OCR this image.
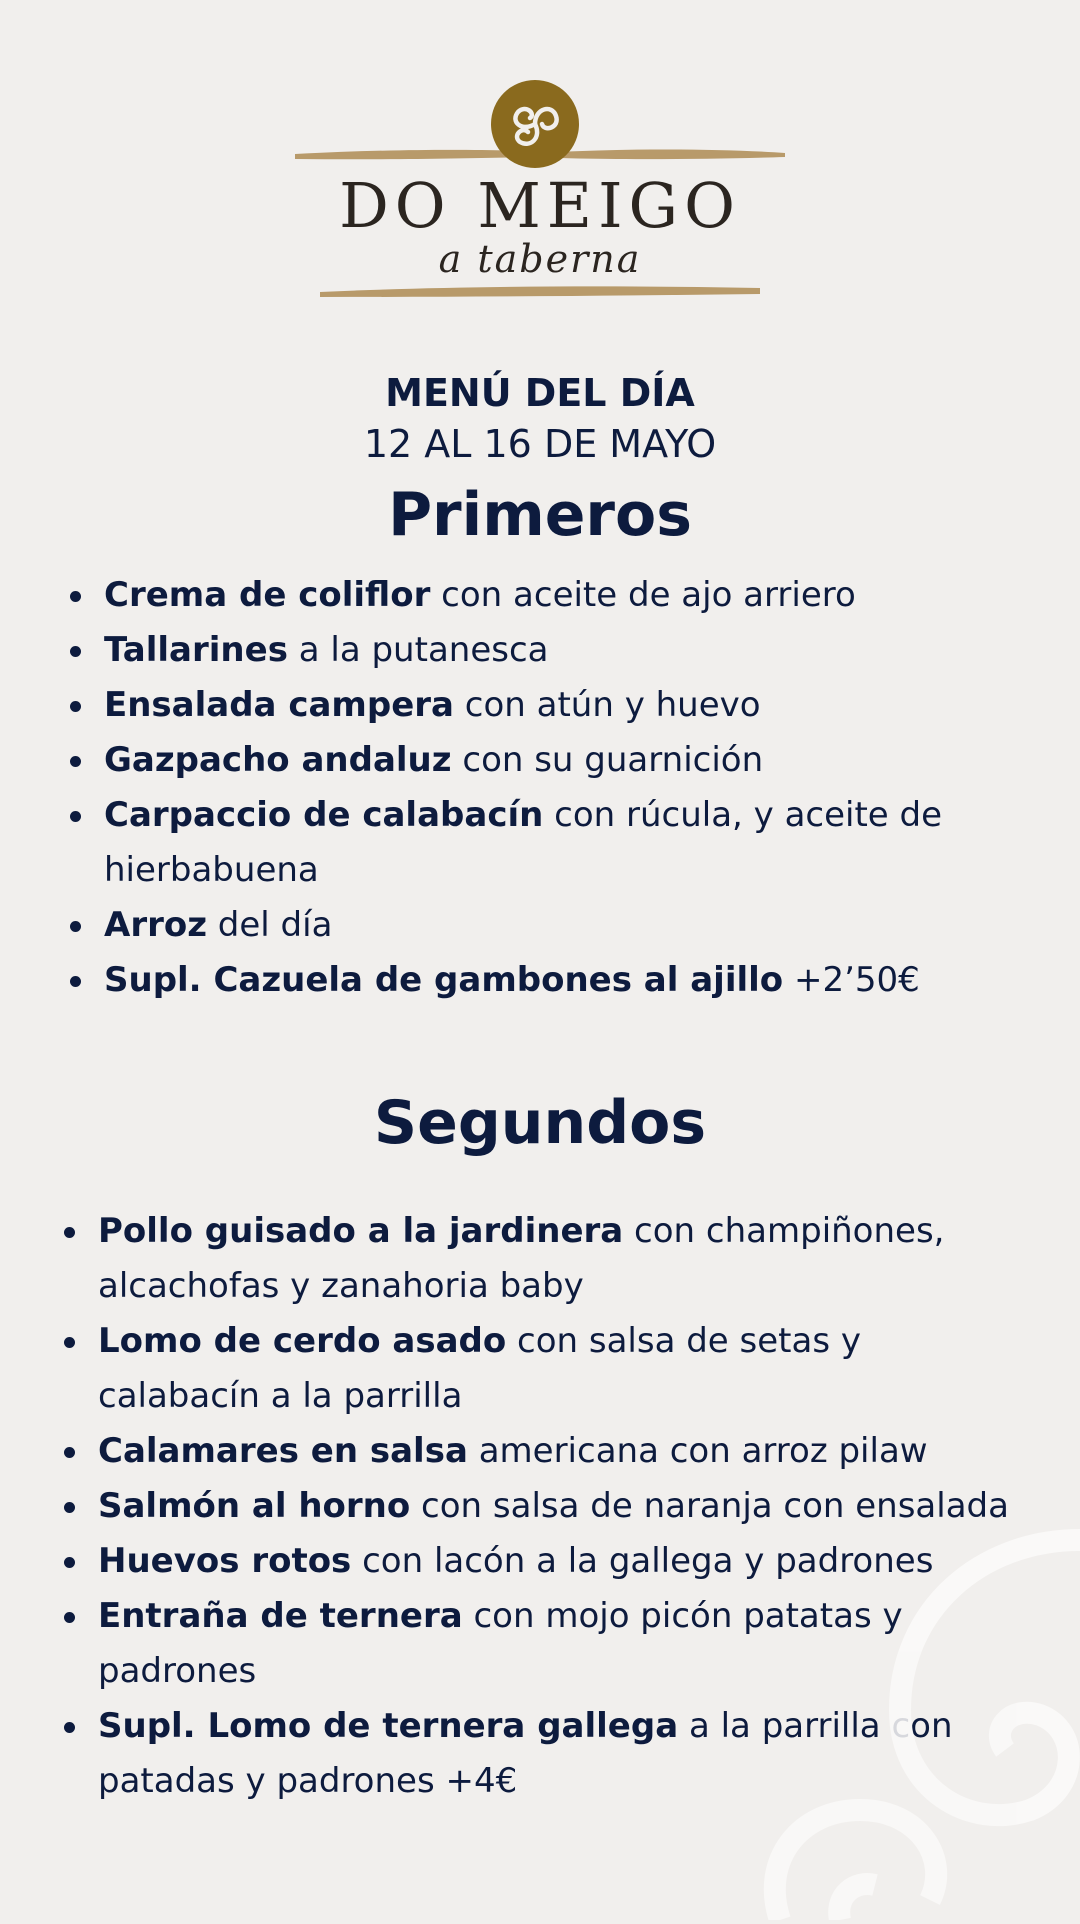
DO MEIGO
a taberna
MENÚ DEL DÍA
12 AL 16 DE MAYO
Primeros
Crema de coliflor con aceite de ajo arriero
Tallarines a la putanesca
Ensalada campera con atún y huevo
Gazpacho andaluz con su guarnición
Carpaccio de calabacín con rúcula, y aceite de hierbabuena
Arroz del día
Supl. Cazuela de gambones al ajillo +2’50€
Segundos
Pollo guisado a la jardinera con champiñones, alcachofas y zanahoria baby
Lomo de cerdo asado con salsa de setas y calabacín a la parrilla
Calamares en salsa americana con arroz pilaw
Salmón al horno con salsa de naranja con ensalada
Huevos rotos con lacón a la gallega y padrones
Entraña de ternera con mojo picón patatas y padrones
Supl. Lomo de ternera gallega a la parrilla con patadas y padrones +4€
